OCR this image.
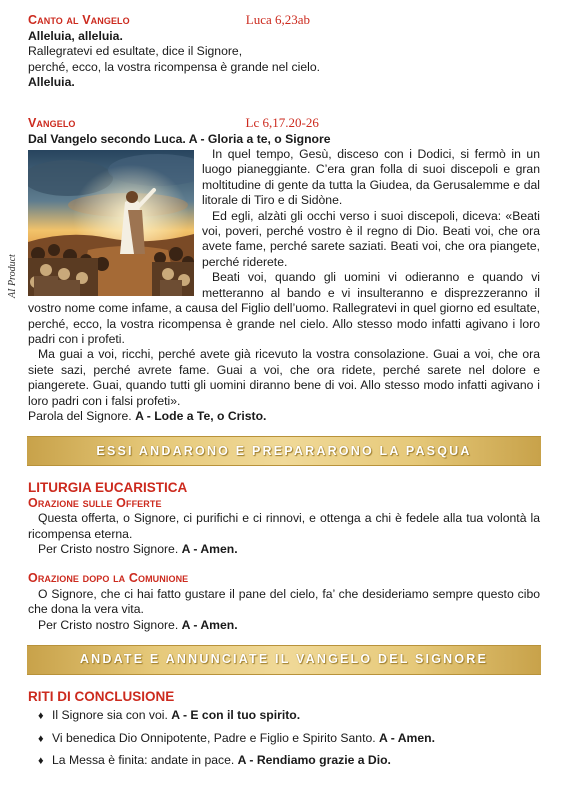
AI Product
Canto al Vangelo	Luca 6,23ab
Alleluia, alleluia.
Rallegratevi ed esultate, dice il Signore,
perché, ecco, la vostra ricompensa è grande nel cielo.
Alleluia.
Vangelo	Lc 6,17.20-26
Dal Vangelo secondo Luca. A - Gloria a te, o Signore

In quel tempo, Gesù, disceso con i Dodici, si fermò in un luogo pianeggiante. C’era gran folla di suoi discepoli e gran moltitudine di gente da tutta la Giudea, da Gerusalemme e dal litorale di Tiro e di Sidòne.

Ed egli, alzàti gli occhi verso i suoi discepoli, diceva: «Beati voi, poveri, perché vostro è il regno di Dio. Beati voi, che ora avete fame, perché sarete saziati. Beati voi, che ora piangete, perché riderete.

Beati voi, quando gli uomini vi odieranno e quando vi metteranno al bando e vi insulteranno e disprezzeranno il vostro nome come infame, a causa del Figlio dell’uomo. Rallegratevi in quel giorno ed esultate, perché, ecco, la vostra ricompensa è grande nel cielo. Allo stesso modo infatti agivano i loro padri con i profeti.

Ma guai a voi, ricchi, perché avete già ricevuto la vostra consolazione. Guai a voi, che ora siete sazi, perché avrete fame. Guai a voi, che ora ridete, perché sarete nel dolore e piangerete. Guai, quando tutti gli uomini diranno bene di voi. Allo stesso modo infatti agivano i loro padri con i falsi profeti».

Parola del Signore. A - Lode a Te, o Cristo.
ESSI ANDARONO E PREPARARONO LA PASQUA

LITURGIA EUCARISTICA

Orazione sulle Offerte

Questa offerta, o Signore, ci purifichi e ci rinnovi, e ottenga a chi è fedele alla tua volontà la ricompensa eterna.

Per Cristo nostro Signore. A - Amen.
Orazione dopo la Comunione

O Signore, che ci hai fatto gustare il pane del cielo, fa’ che desideriamo sempre questo cibo che dona la vera vita.

Per Cristo nostro Signore. A - Amen.
ANDATE E ANNUNCIATE IL VANGELO DEL SIGNORE

RITI DI CONCLUSIONE

♦ Il Signore sia con voi. A - E con il tuo spirito.
♦ Vi benedica Dio Onnipotente, Padre e Figlio e Spirito Santo. A - Amen.
♦ La Messa è finita: andate in pace. A - Rendiamo grazie a Dio.
